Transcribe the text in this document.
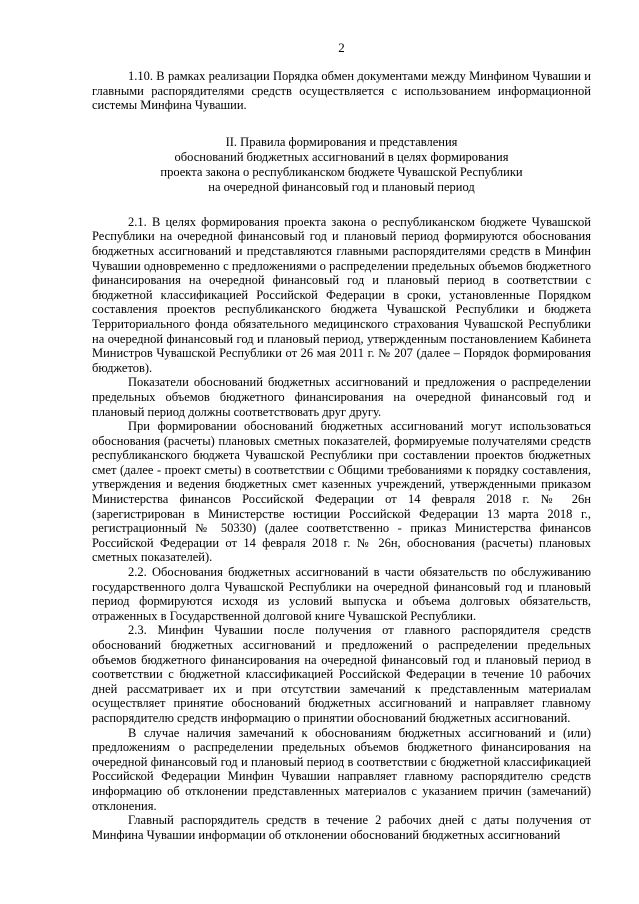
2

1.10. В рамках реализации Порядка обмен документами между Минфином Чувашии и главными распорядителями средств осуществляется с использованием информационной системы Минфина Чувашии.

II. Правила формирования и представления
обоснований бюджетных ассигнований в целях формирования
проекта закона о республиканском бюджете Чувашской Республики
на очередной финансовый год и плановый период

2.1. В целях формирования проекта закона о республиканском бюджете Чувашской Республики на очередной финансовый год и плановый период формируются обоснования бюджетных ассигнований и представляются главными распорядителями средств в Минфин Чувашии одновременно с предложениями о распределении предельных объемов бюджетного финансирования на очередной финансовый год и плановый период в соответствии с бюджетной классификацией Российской Федерации в сроки, установленные Порядком составления проектов республиканского бюджета Чувашской Республики и бюджета Территориального фонда обязательного медицинского страхования Чувашской Республики на очередной финансовый год и плановый период, утвержденным постановлением Кабинета Министров Чувашской Республики от 26 мая 2011 г. № 207 (далее – Порядок формирования бюджетов).

Показатели обоснований бюджетных ассигнований и предложения о распределении предельных объемов бюджетного финансирования на очередной финансовый год и плановый период должны соответствовать друг другу.

При формировании обоснований бюджетных ассигнований могут использоваться обоснования (расчеты) плановых сметных показателей, формируемые получателями средств республиканского бюджета Чувашской Республики при составлении проектов бюджетных смет (далее - проект сметы) в соответствии с Общими требованиями к порядку составления, утверждения и ведения бюджетных смет казенных учреждений, утвержденными приказом Министерства финансов Российской Федерации от 14 февраля 2018 г. № 26н (зарегистрирован в Министерстве юстиции Российской Федерации 13 марта 2018 г., регистрационный № 50330) (далее соответственно - приказ Министерства финансов Российской Федерации от 14 февраля 2018 г. № 26н, обоснования (расчеты) плановых сметных показателей).

2.2. Обоснования бюджетных ассигнований в части обязательств по обслуживанию государственного долга Чувашской Республики на очередной финансовый год и плановый период формируются исходя из условий выпуска и объема долговых обязательств, отраженных в Государственной долговой книге Чувашской Республики.

2.3. Минфин Чувашии после получения от главного распорядителя средств обоснований бюджетных ассигнований и предложений о распределении предельных объемов бюджетного финансирования на очередной финансовый год и плановый период в соответствии с бюджетной классификацией Российской Федерации в течение 10 рабочих дней рассматривает их и при отсутствии замечаний к представленным материалам осуществляет принятие обоснований бюджетных ассигнований и направляет главному распорядителю средств информацию о принятии обоснований бюджетных ассигнований.

В случае наличия замечаний к обоснованиям бюджетных ассигнований и (или) предложениям о распределении предельных объемов бюджетного финансирования на очередной финансовый год и плановый период в соответствии с бюджетной классификацией Российской Федерации Минфин Чувашии направляет главному распорядителю средств информацию об отклонении представленных материалов с указанием причин (замечаний) отклонения.

Главный распорядитель средств в течение 2 рабочих дней с даты получения от Минфина Чувашии информации об отклонении обоснований бюджетных ассигнований
